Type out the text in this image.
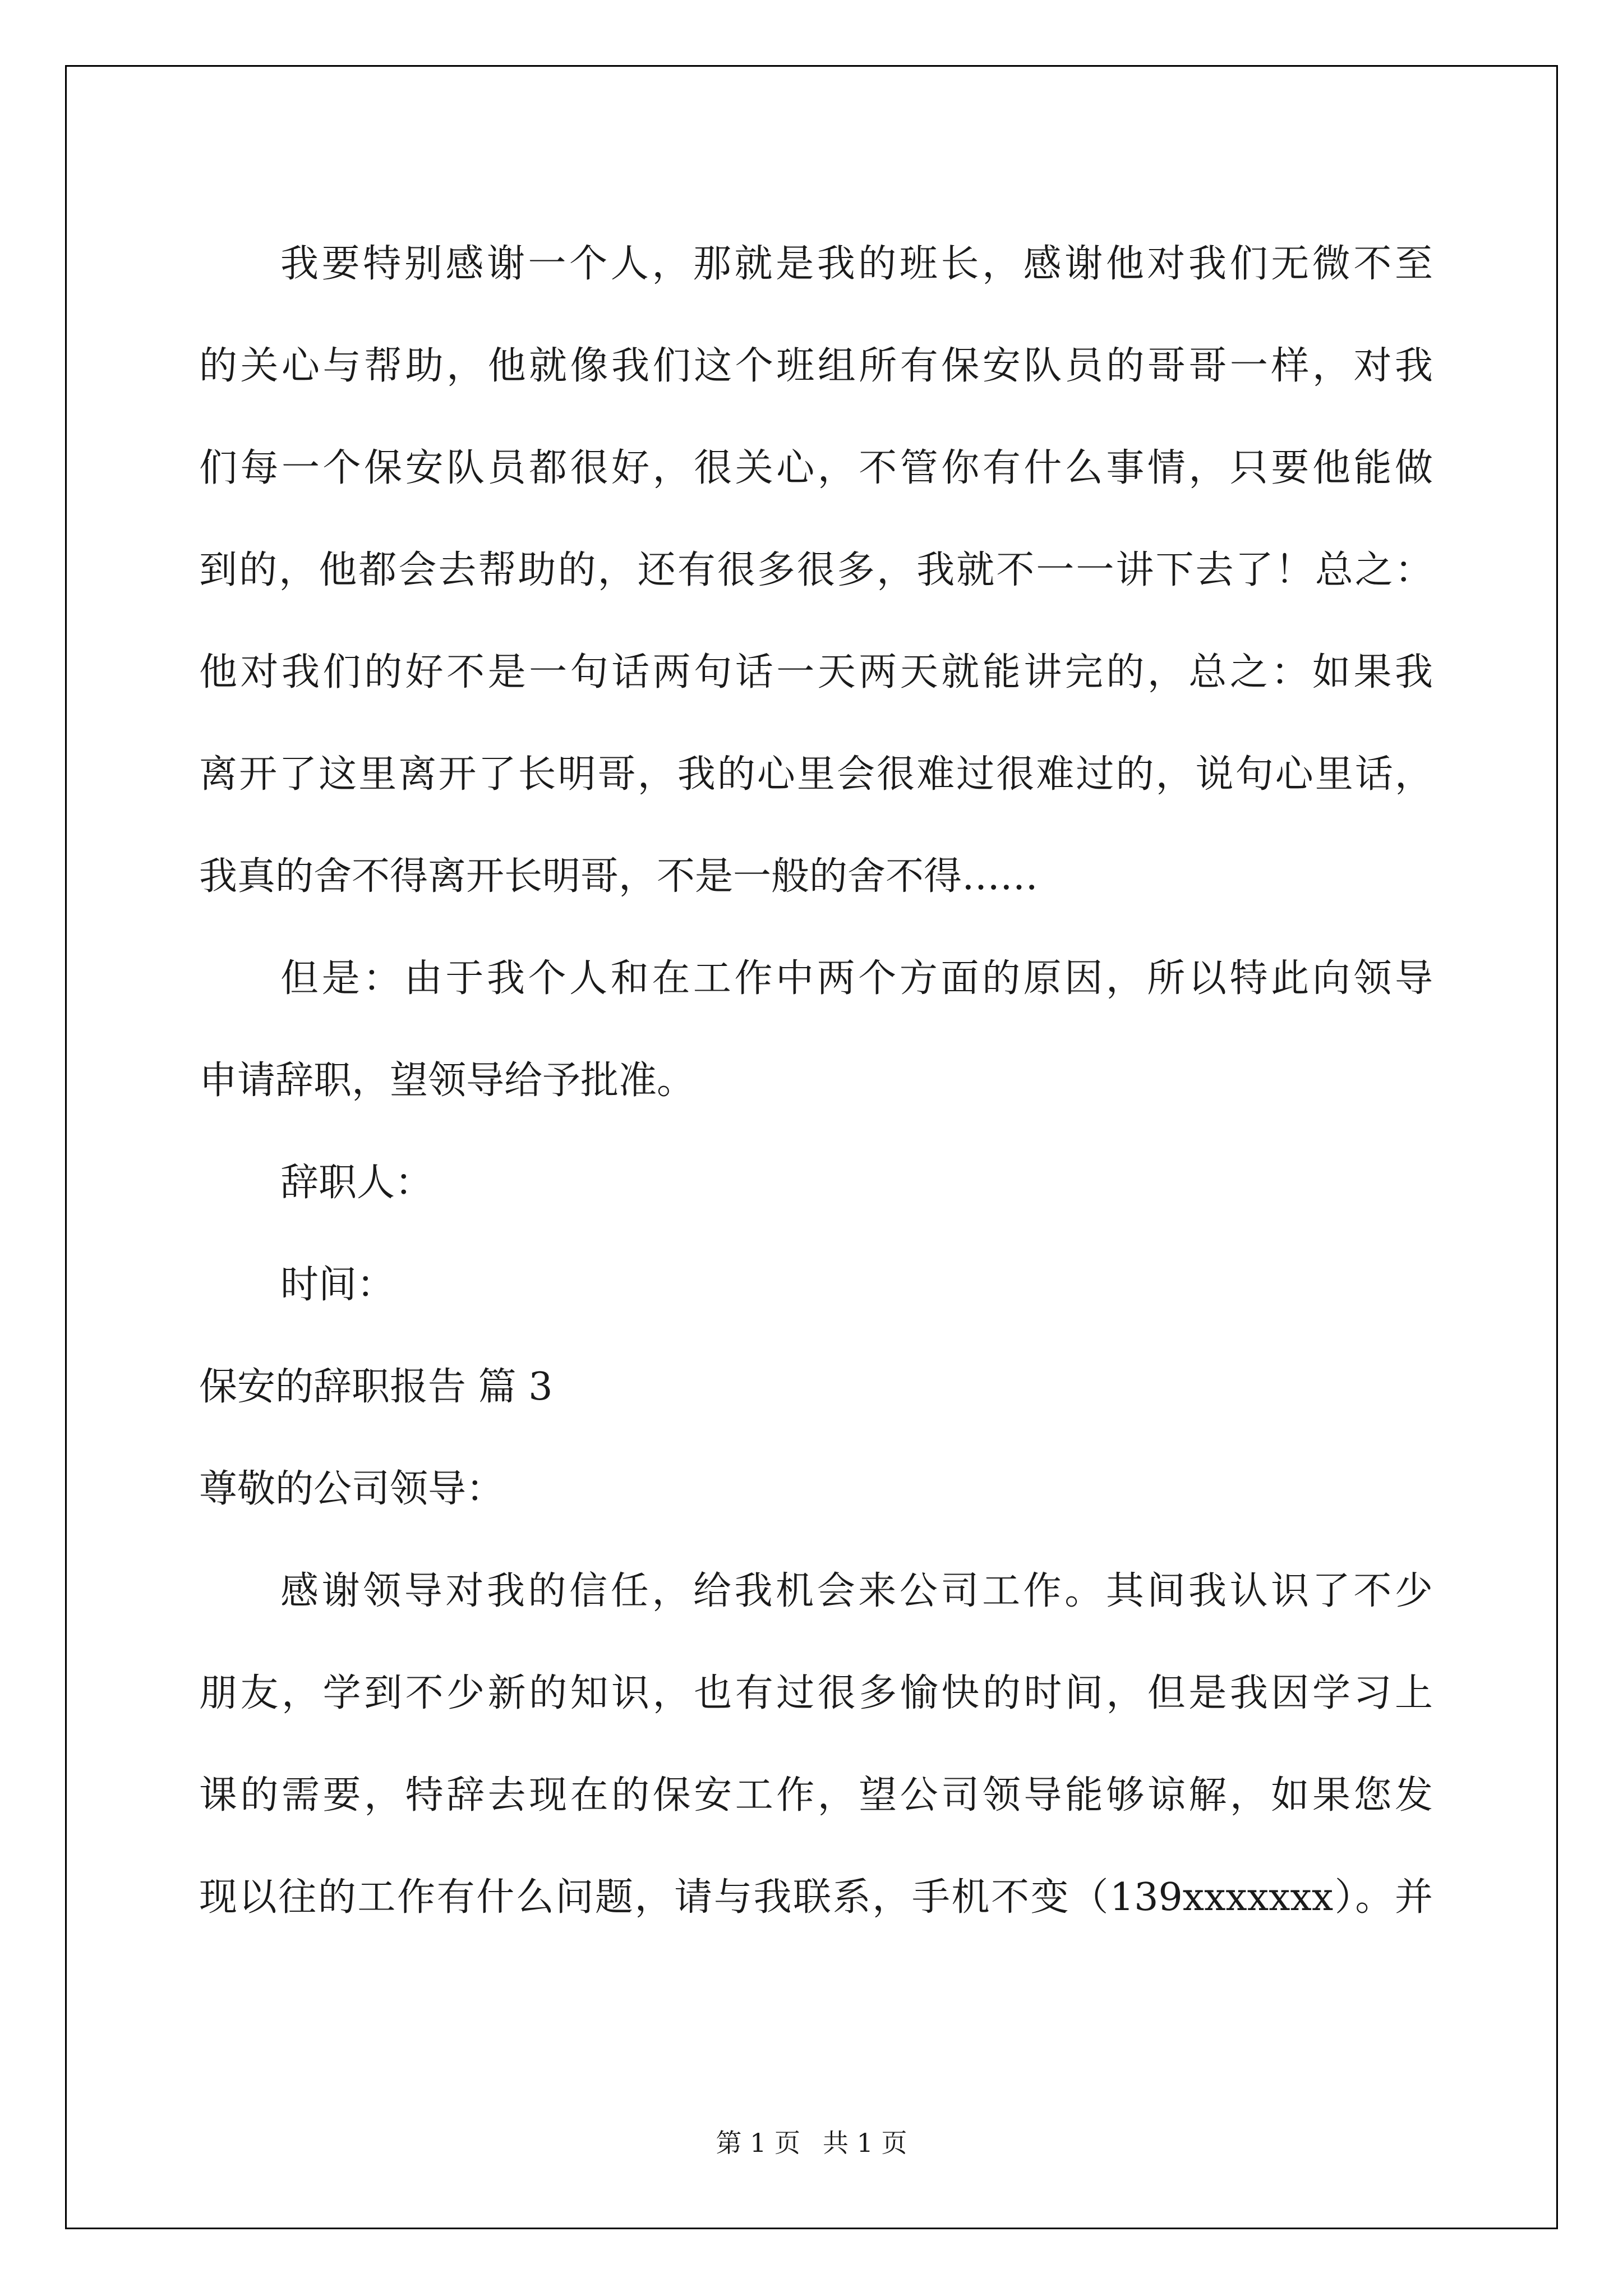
我要特别感谢一个人，那就是我的班长，感谢他对我们无微不至
的关心与帮助，他就像我们这个班组所有保安队员的哥哥一样，对我
们每一个保安队员都很好，很关心，不管你有什么事情，只要他能做
到的，他都会去帮助的，还有很多很多，我就不一一讲下去了！总之：
他对我们的好不是一句话两句话一天两天就能讲完的，总之：如果我
离开了这里离开了长明哥，我的心里会很难过很难过的，说句心里话，
我真的舍不得离开长明哥，不是一般的舍不得……
但是：由于我个人和在工作中两个方面的原因，所以特此向领导
申请辞职，望领导给予批准。
辞职人：
时间：
保安的辞职报告 篇 3
尊敬的公司领导：
感谢领导对我的信任，给我机会来公司工作。其间我认识了不少
朋友，学到不少新的知识，也有过很多愉快的时间，但是我因学习上
课的需要，特辞去现在的保安工作，望公司领导能够谅解，如果您发
现以往的工作有什么问题，请与我联系，手机不变（139xxxxxxx）。并
第 1 页 共 1 页
